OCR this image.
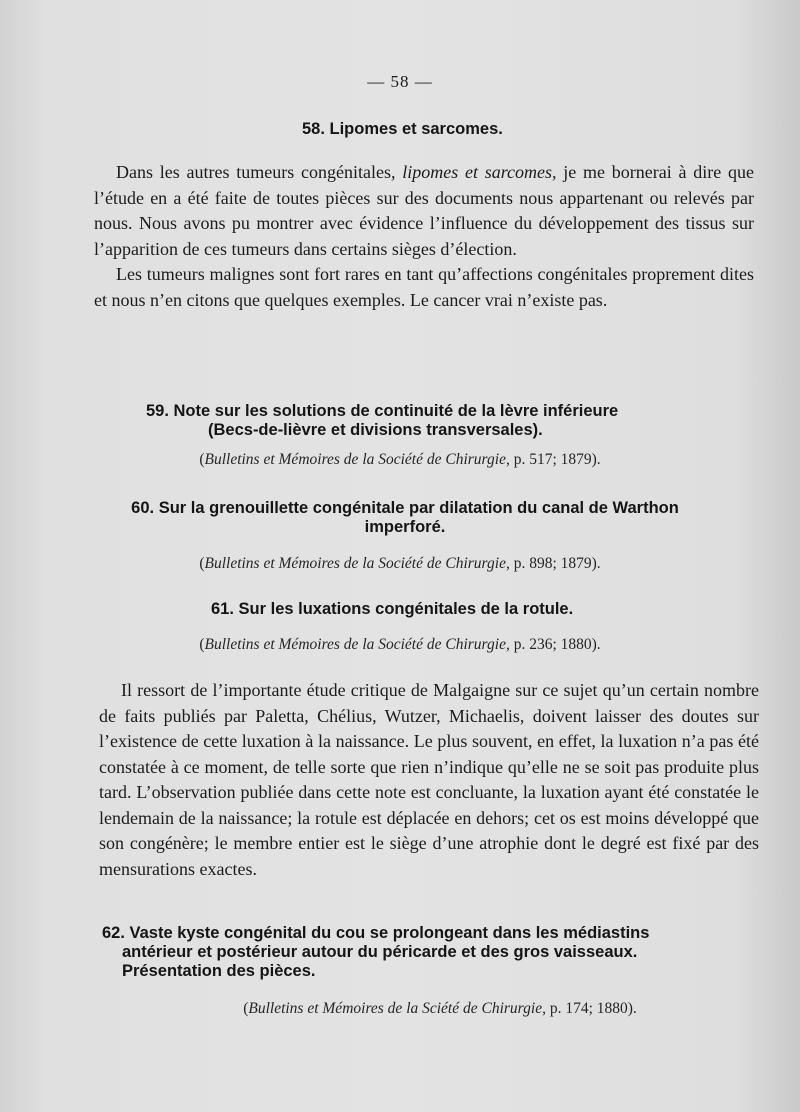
— 58 —
58. Lipomes et sarcomes.

Dans les autres tumeurs congénitales, lipomes et sarcomes, je me bornerai à dire que l’étude en a été faite de toutes pièces sur des documents nous appartenant ou relevés par nous. Nous avons pu montrer avec évidence l’influence du développement des tissus sur l’apparition de ces tumeurs dans certains sièges d’élection.

Les tumeurs malignes sont fort rares en tant qu’affections congénitales proprement dites et nous n’en citons que quelques exemples. Le cancer vrai n’existe pas.

59. Note sur les solutions de continuité de la lèvre inférieure
(Becs-de-lièvre et divisions transversales).
(Bulletins et Mémoires de la Société de Chirurgie, p. 517; 1879).
60. Sur la grenouillette congénitale par dilatation du canal de Warthon
imperforé.
(Bulletins et Mémoires de la Société de Chirurgie, p. 898; 1879).
61. Sur les luxations congénitales de la rotule.
(Bulletins et Mémoires de la Société de Chirurgie, p. 236; 1880).

Il ressort de l’importante étude critique de Malgaigne sur ce sujet qu’un certain nombre de faits publiés par Paletta, Chélius, Wutzer, Michaelis, doivent laisser des doutes sur l’existence de cette luxation à la naissance. Le plus souvent, en effet, la luxation n’a pas été constatée à ce moment, de telle sorte que rien n’indique qu’elle ne se soit pas produite plus tard. L’observation publiée dans cette note est concluante, la luxation ayant été constatée le lendemain de la naissance; la rotule est déplacée en dehors; cet os est moins développé que son congénère; le membre entier est le siège d’une atrophie dont le degré est fixé par des mensurations exactes.

62. Vaste kyste congénital du cou se prolongeant dans les médiastins
antérieur et postérieur autour du péricarde et des gros vaisseaux.
Présentation des pièces.
(Bulletins et Mémoires de la Sciété de Chirurgie, p. 174; 1880).
